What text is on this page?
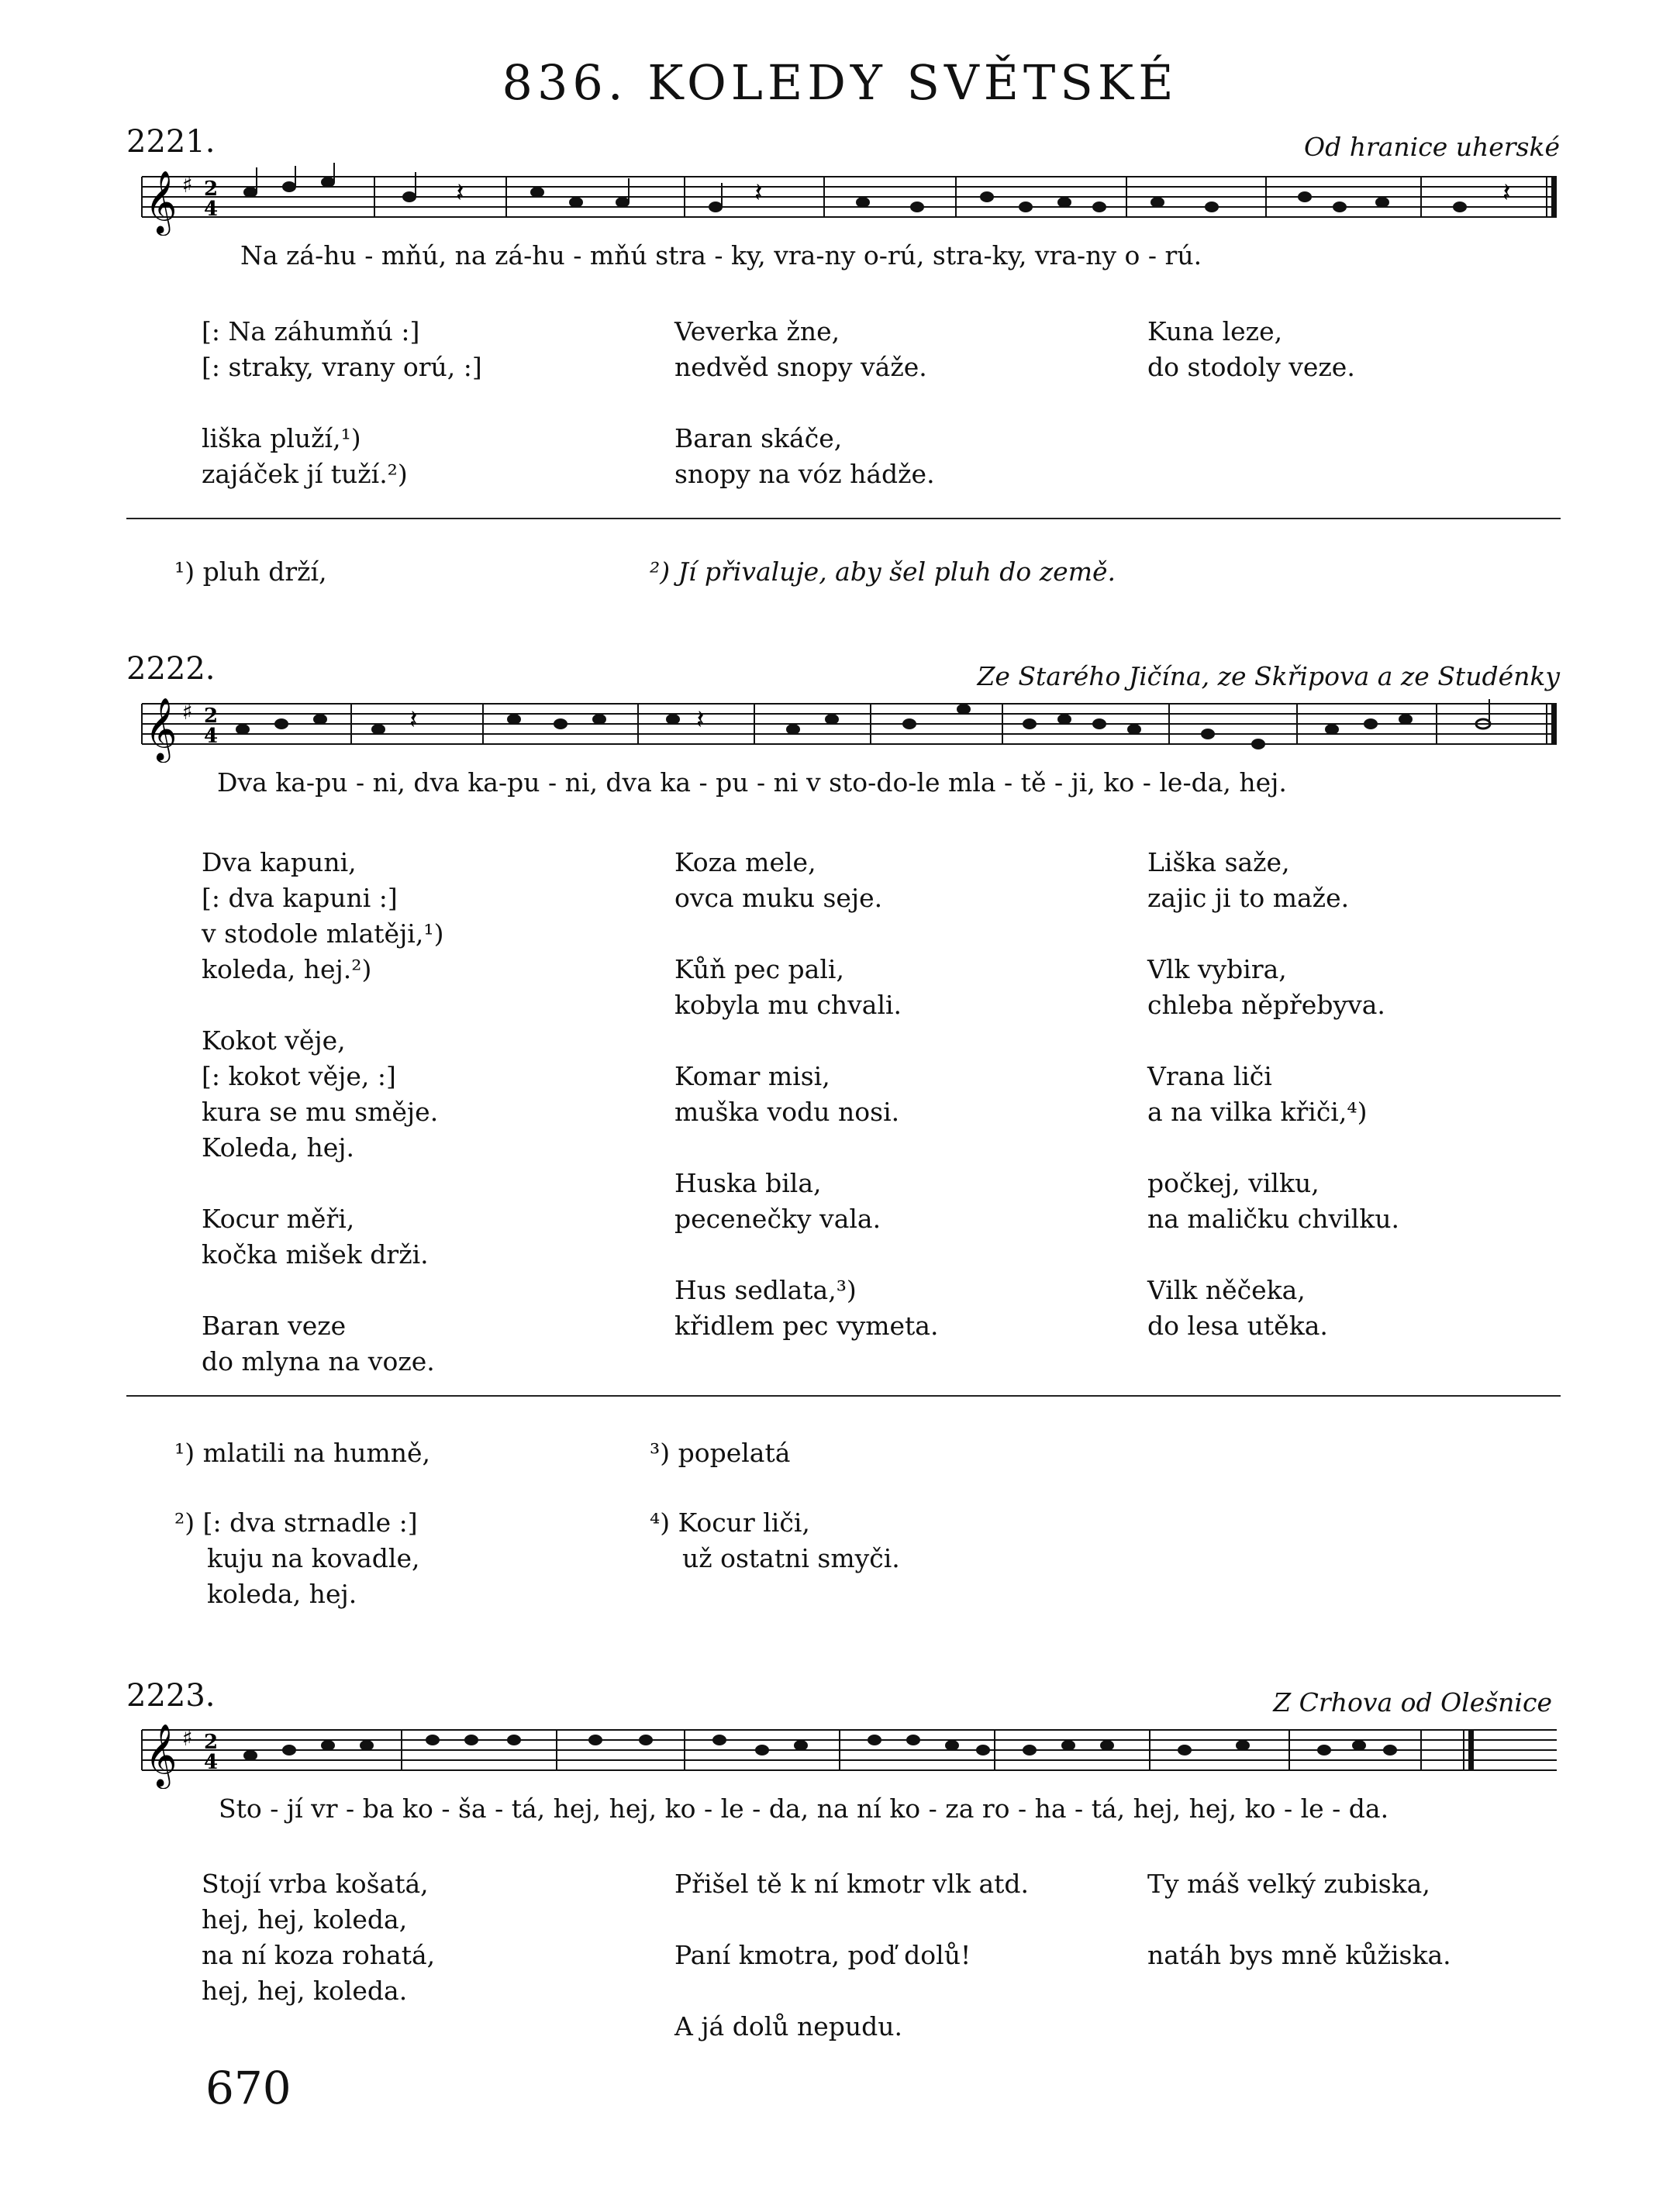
836. KOLEDY SVĚTSKÉ
2221.	Od hranice uherské
𝄞 ♯ 2
4
𝄽	𝄽	𝄽
Na zá-hu - mňú, na zá-hu - mňú stra - ky, vra-ny o-rú, stra-ky, vra-ny o - rú.
[: Na záhumňú :]
[: straky, vrany orú, :]

liška pluží,¹)
zajáček jí tuží.²)
Veverka žne,
nedvěd snopy váže.

Baran skáče,
snopy na vóz hádže.
Kuna leze,
do stodoly veze.
¹) pluh drží,	²) Jí přivaluje, aby šel pluh do země.
2222.	Ze Starého Jičína, ze Skřipova a ze Studénky
𝄞 ♯ 2
4
𝄽	𝄽
Dva ka-pu - ni, dva ka-pu - ni, dva ka - pu - ni v sto-do-le mla - tě - ji, ko - le-da, hej.
Dva kapuni,
[: dva kapuni :]
v stodole mlatěji,¹)
koleda, hej.²)

Kokot věje,
[: kokot věje, :]
kura se mu směje.
Koleda, hej.

Kocur měři,
kočka mišek drži.

Baran veze
do mlyna na voze.
Koza mele,
ovca muku seje.

Kůň pec pali,
kobyla mu chvali.

Komar misi,
muška vodu nosi.

Huska bila,
pecenečky vala.

Hus sedlata,³)
křidlem pec vymeta.
Liška saže,
zajic ji to maže.

Vlk vybira,
chleba něpřebyva.

Vrana liči
a na vilka křiči,⁴)

počkej, vilku,
na maličku chvilku.

Vilk něčeka,
do lesa utěka.
¹) mlatili na humně,
²) [: dva strnadle :]
kuju na kovadle,
koleda, hej.
³) popelatá
⁴) Kocur liči,
už ostatni smyči.
2223.	Z Crhova od Olešnice
𝄞 ♯ 2
4
Sto - jí vr - ba ko - ša - tá, hej, hej, ko - le - da, na ní ko - za ro - ha - tá, hej, hej, ko - le - da.
Stojí vrba košatá,
hej, hej, koleda,
na ní koza rohatá,
hej, hej, koleda.
Přišel tě k ní kmotr vlk atd.

Paní kmotra, poď dolů!

A já dolů nepudu.
Ty máš velký zubiska,

natáh bys mně kůžiska.
670
